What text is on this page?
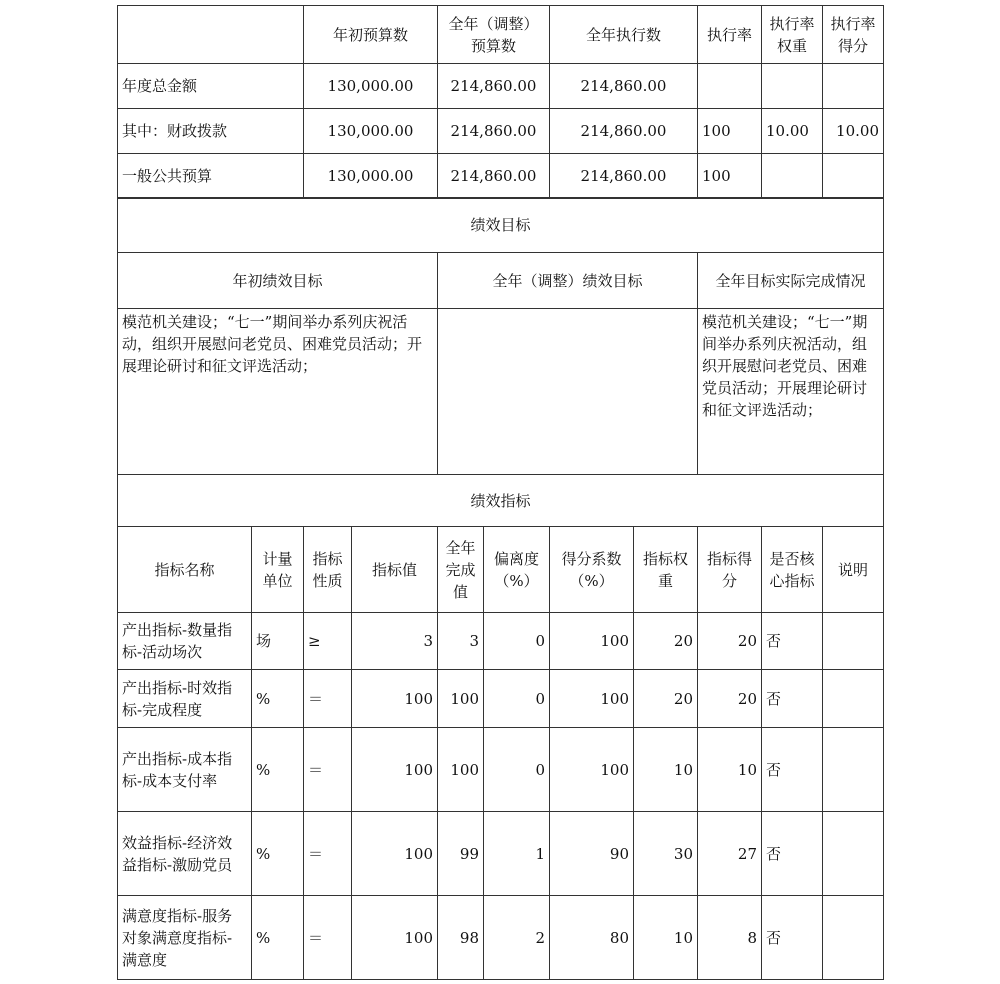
	年初预算数	全年（调整）预算数	全年执行数	执行率	执行率权重	执行率得分
年度总金额	130,000.00	214,860.00	214,860.00			
其中：财政拨款	130,000.00	214,860.00	214,860.00	100	10.00	10.00
一般公共预算	130,000.00	214,860.00	214,860.00	100		
绩效目标		
年初绩效目标	全年（调整）绩效目标	全年目标实际完成情况
模范机关建设；“七一”期间举办系列庆祝活动，组织开展慰问老党员、困难党员活动；开展理论研讨和征文评选活动；		模范机关建设；“七一”期间举办系列庆祝活动，组织开展慰问老党员、困难党员活动；开展理论研讨和征文评选活动；
绩效指标										
指标名称	计量单位	指标性质	指标值	全年完成值	偏离度（%）	得分系数（%）	指标权重	指标得分	是否核心指标	说明
产出指标-数量指标-活动场次	场	≥	3	3	0	100	20	20	否	
产出指标-时效指标-完成程度	%	＝	100	100	0	100	20	20	否	
产出指标-成本指标-成本支付率	%	＝	100	100	0	100	10	10	否	
效益指标-经济效益指标-激励党员	%	＝	100	99	1	90	30	27	否	
满意度指标-服务对象满意度指标-满意度	%	＝	100	98	2	80	10	8	否	
